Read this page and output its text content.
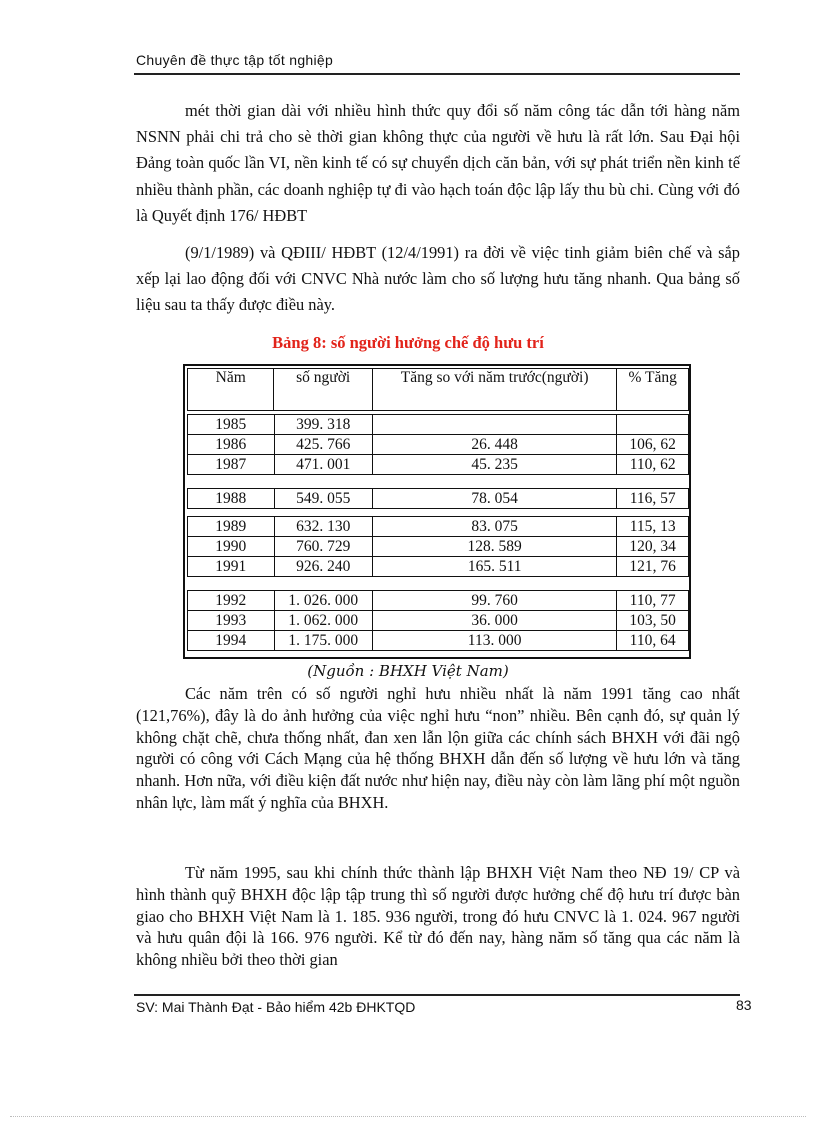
Chuyên đề thực tập tốt nghiệp

mét thời gian dài với nhiều hình thức quy đổi số năm công tác dẫn tới hàng năm NSNN phải chi trả cho sè thời gian không thực của người về hưu là rất lớn. Sau Đại hội Đảng toàn quốc lần VI, nền kinh tế có sự chuyển dịch căn bản, với sự phát triển nền kinh tế nhiều thành phần, các doanh nghiệp tự đi vào hạch toán độc lập lấy thu bù chi. Cùng với đó là Quyết định 176/ HĐBT

(9/1/1989) và QĐIII/ HĐBT (12/4/1991) ra đời về việc tinh giảm biên chế và sắp xếp lại lao động đối với CNVC Nhà nước làm cho số lượng hưu tăng nhanh. Qua bảng số liệu sau ta thấy được điều này.

Bảng 8: số người hưởng chế độ hưu trí
Năm	số người	Tăng so với năm trước(người)	% Tăng
1985	399. 318		
1986	425. 766	26. 448	106, 62
1987	471. 001	45. 235	110, 62
1988	549. 055	78. 054	116, 57
1989	632. 130	83. 075	115, 13
1990	760. 729	128. 589	120, 34
1991	926. 240	165. 511	121, 76
1992	1. 026. 000	99. 760	110, 77
1993	1. 062. 000	36. 000	103, 50
1994	1. 175. 000	113. 000	110, 64
(Nguồn : BHXH Việt Nam)

Các năm trên có số người nghỉ hưu nhiều nhất là năm 1991 tăng cao nhất (121,76%), đây là do ảnh hưởng của việc nghỉ hưu “non” nhiều. Bên cạnh đó, sự quản lý không chặt chẽ, chưa thống nhất, đan xen lẫn lộn giữa các chính sách BHXH với đãi ngộ người có công với Cách Mạng của hệ thống BHXH dẫn đến số lượng về hưu lớn và tăng nhanh. Hơn nữa, với điều kiện đất nước như hiện nay, điều này còn làm lãng phí một nguồn nhân lực, làm mất ý nghĩa của BHXH.

Từ năm 1995, sau khi chính thức thành lập BHXH Việt Nam theo NĐ 19/ CP và hình thành quỹ BHXH độc lập tập trung thì số người được hưởng chế độ hưu trí được bàn giao cho BHXH Việt Nam là 1. 185. 936 người, trong đó hưu CNVC là 1. 024. 967 người và hưu quân đội là 166. 976 người. Kể từ đó đến nay, hàng năm số tăng qua các năm là không nhiều bởi theo thời gian

SV: Mai Thành Đạt - Bảo hiểm 42b ĐHKTQD	83
